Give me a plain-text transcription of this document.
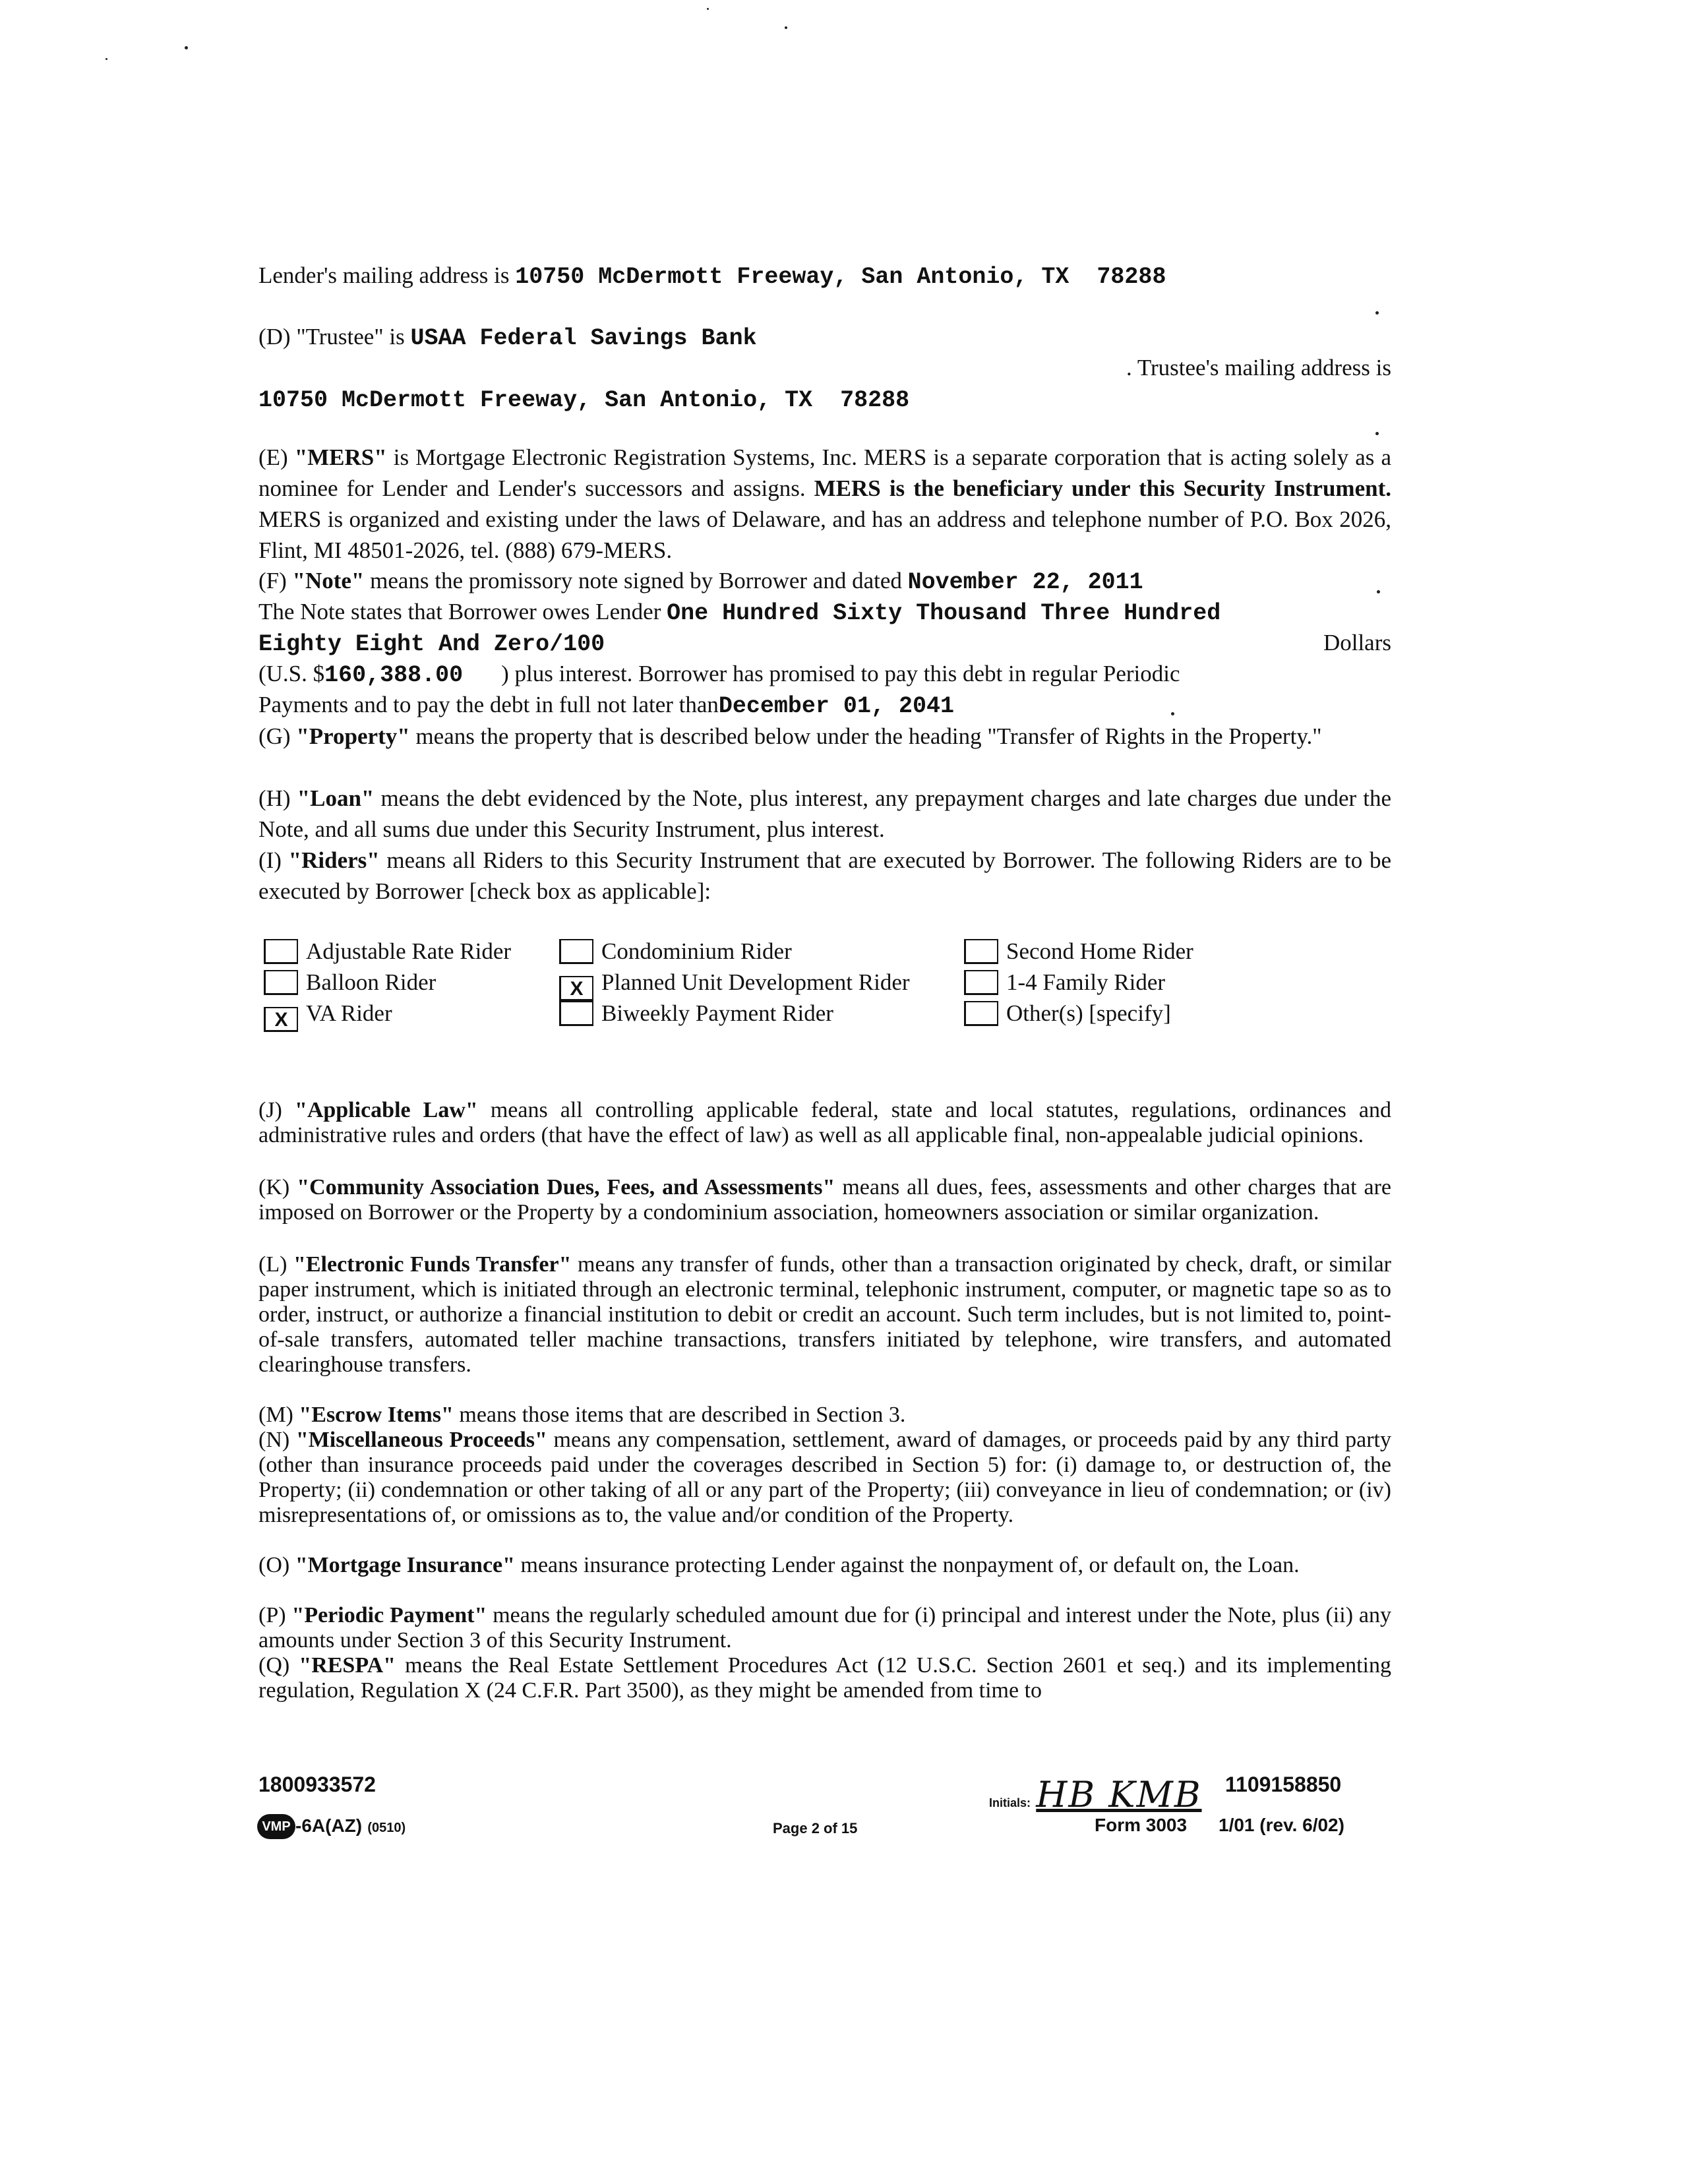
Lender's mailing address is 10750 McDermott Freeway, San Antonio, TX  78288
(D) "Trustee" is USAA Federal Savings Bank
. Trustee's mailing address is
10750 McDermott Freeway, San Antonio, TX  78288
(E) "MERS" is Mortgage Electronic Registration Systems, Inc. MERS is a separate corporation that is acting solely as a nominee for Lender and Lender's successors and assigns. MERS is the beneficiary under this Security Instrument. MERS is organized and existing under the laws of Delaware, and has an address and telephone number of P.O. Box 2026, Flint, MI 48501-2026, tel. (888) 679-MERS.
(F) "Note" means the promissory note signed by Borrower and dated November 22, 2011
The Note states that Borrower owes Lender One Hundred Sixty Thousand Three Hundred
Eighty Eight And Zero/100	Dollars
(U.S. $160,388.00 ) plus interest. Borrower has promised to pay this debt in regular Periodic
Payments and to pay the debt in full not later thanDecember 01, 2041
(G) "Property" means the property that is described below under the heading "Transfer of Rights in the Property."
(H) "Loan" means the debt evidenced by the Note, plus interest, any prepayment charges and late charges due under the Note, and all sums due under this Security Instrument, plus interest.
(I) "Riders" means all Riders to this Security Instrument that are executed by Borrower. The following Riders are to be executed by Borrower [check box as applicable]:
Adjustable Rate Rider	Condominium Rider	Second Home Rider
Balloon Rider	X Planned Unit Development Rider	1-4 Family Rider
X VA Rider	Biweekly Payment Rider	Other(s) [specify]
(J) "Applicable Law" means all controlling applicable federal, state and local statutes, regulations, ordinances and administrative rules and orders (that have the effect of law) as well as all applicable final, non-appealable judicial opinions.
(K) "Community Association Dues, Fees, and Assessments" means all dues, fees, assessments and other charges that are imposed on Borrower or the Property by a condominium association, homeowners association or similar organization.
(L) "Electronic Funds Transfer" means any transfer of funds, other than a transaction originated by check, draft, or similar paper instrument, which is initiated through an electronic terminal, telephonic instrument, computer, or magnetic tape so as to order, instruct, or authorize a financial institution to debit or credit an account. Such term includes, but is not limited to, point-of-sale transfers, automated teller machine transactions, transfers initiated by telephone, wire transfers, and automated clearinghouse transfers.
(M) "Escrow Items" means those items that are described in Section 3.
(N) "Miscellaneous Proceeds" means any compensation, settlement, award of damages, or proceeds paid by any third party (other than insurance proceeds paid under the coverages described in Section 5) for: (i) damage to, or destruction of, the Property; (ii) condemnation or other taking of all or any part of the Property; (iii) conveyance in lieu of condemnation; or (iv) misrepresentations of, or omissions as to, the value and/or condition of the Property.
(O) "Mortgage Insurance" means insurance protecting Lender against the nonpayment of, or default on, the Loan.
(P) "Periodic Payment" means the regularly scheduled amount due for (i) principal and interest under the Note, plus (ii) any amounts under Section 3 of this Security Instrument.
(Q) "RESPA" means the Real Estate Settlement Procedures Act (12 U.S.C. Section 2601 et seq.) and its implementing regulation, Regulation X (24 C.F.R. Part 3500), as they might be amended from time to
1800933572
VMP -6A(AZ) (0510)	Page 2 of 15
Initials: HB KMB 1109158850
Form 3003 1/01 (rev. 6/02)
